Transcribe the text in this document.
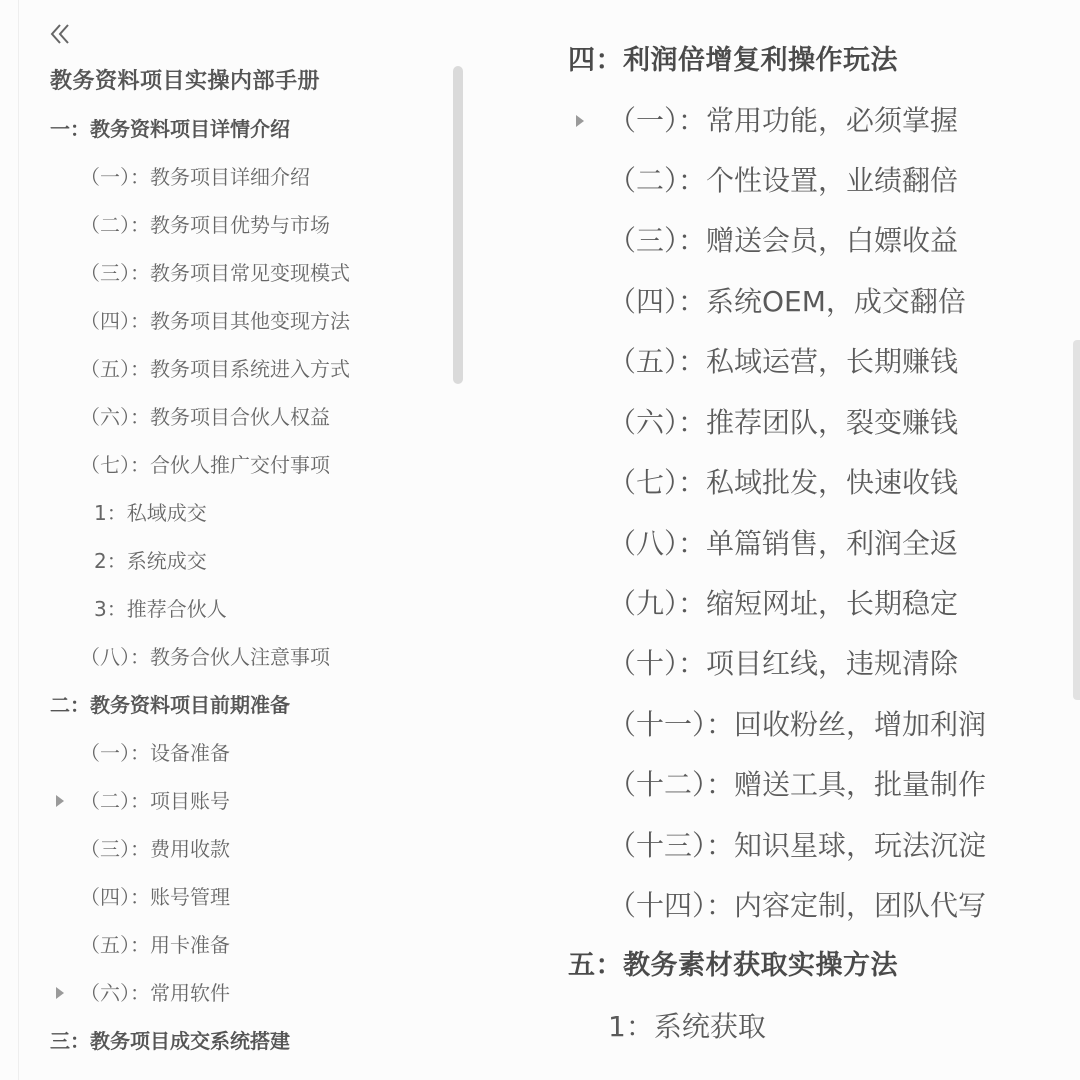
教务资料项目实操内部手册
一：教务资料项目详情介绍
（一）：教务项目详细介绍
（二）：教务项目优势与市场
（三）：教务项目常见变现模式
（四）：教务项目其他变现方法
（五）：教务项目系统进入方式
（六）：教务项目合伙人权益
（七）：合伙人推广交付事项
1：私域成交
2：系统成交
3：推荐合伙人
（八）：教务合伙人注意事项
二：教务资料项目前期准备
（一）：设备准备
（二）：项目账号
（三）：费用收款
（四）：账号管理
（五）：用卡准备
（六）：常用软件
三：教务项目成交系统搭建
四：利润倍增复利操作玩法
（一）：常用功能，必须掌握
（二）：个性设置，业绩翻倍
（三）：赠送会员，白嫖收益
（四）：系统OEM，成交翻倍
（五）：私域运营，长期赚钱
（六）：推荐团队，裂变赚钱
（七）：私域批发，快速收钱
（八）：单篇销售，利润全返
（九）：缩短网址，长期稳定
（十）：项目红线，违规清除
（十一）：回收粉丝，增加利润
（十二）：赠送工具，批量制作
（十三）：知识星球，玩法沉淀
（十四）：内容定制，团队代写
五：教务素材获取实操方法
1：系统获取
